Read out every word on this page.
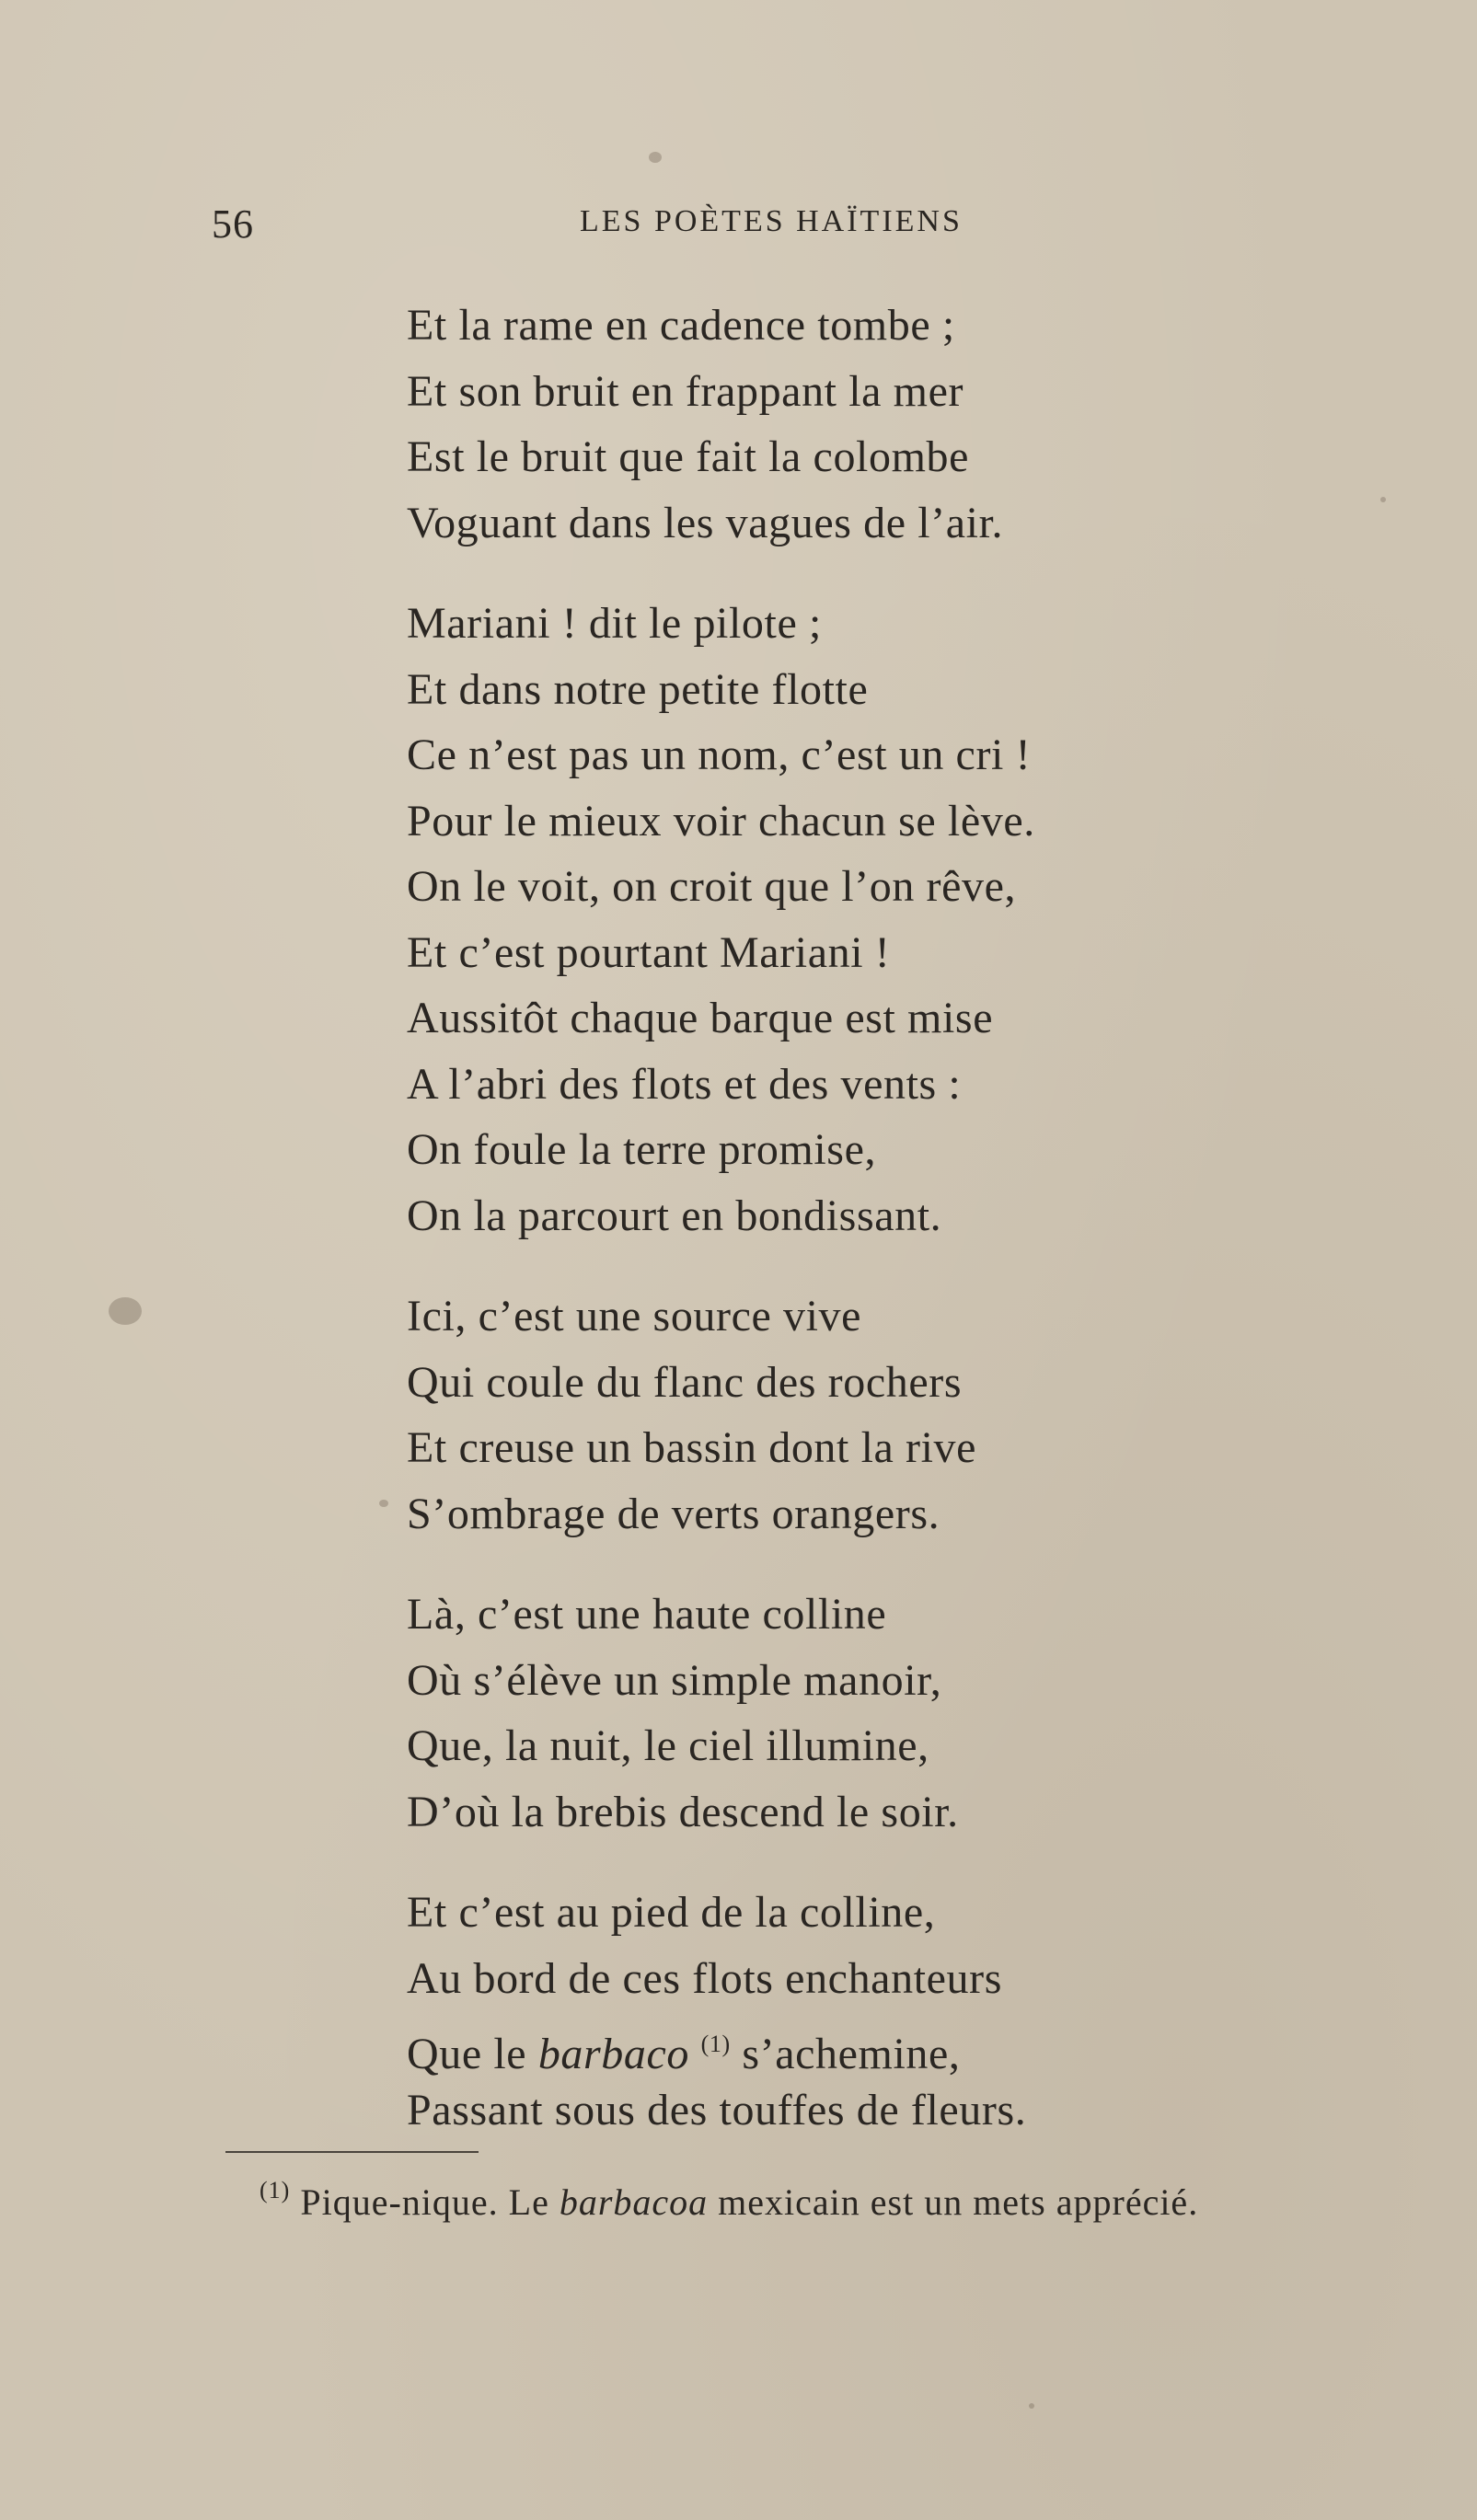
56	LES POÈTES HAÏTIENS
Et la rame en cadence tombe ;
Et son bruit en frappant la mer
Est le bruit que fait la colombe
Voguant dans les vagues de l’air.
Mariani ! dit le pilote ;
Et dans notre petite flotte
Ce n’est pas un nom, c’est un cri !
Pour le mieux voir chacun se lève.
On le voit, on croit que l’on rêve,
Et c’est pourtant Mariani !
Aussitôt chaque barque est mise
A l’abri des flots et des vents :
On foule la terre promise,
On la parcourt en bondissant.
Ici, c’est une source vive
Qui coule du flanc des rochers
Et creuse un bassin dont la rive
S’ombrage de verts orangers.
Là, c’est une haute colline
Où s’élève un simple manoir,
Que, la nuit, le ciel illumine,
D’où la brebis descend le soir.
Et c’est au pied de la colline,
Au bord de ces flots enchanteurs
Que le barbaco $^{(1)}$ s’achemine,
Passant sous des touffes de fleurs.
$^{(1)}$ Pique-nique. Le barbacoa mexicain est un mets apprécié.
